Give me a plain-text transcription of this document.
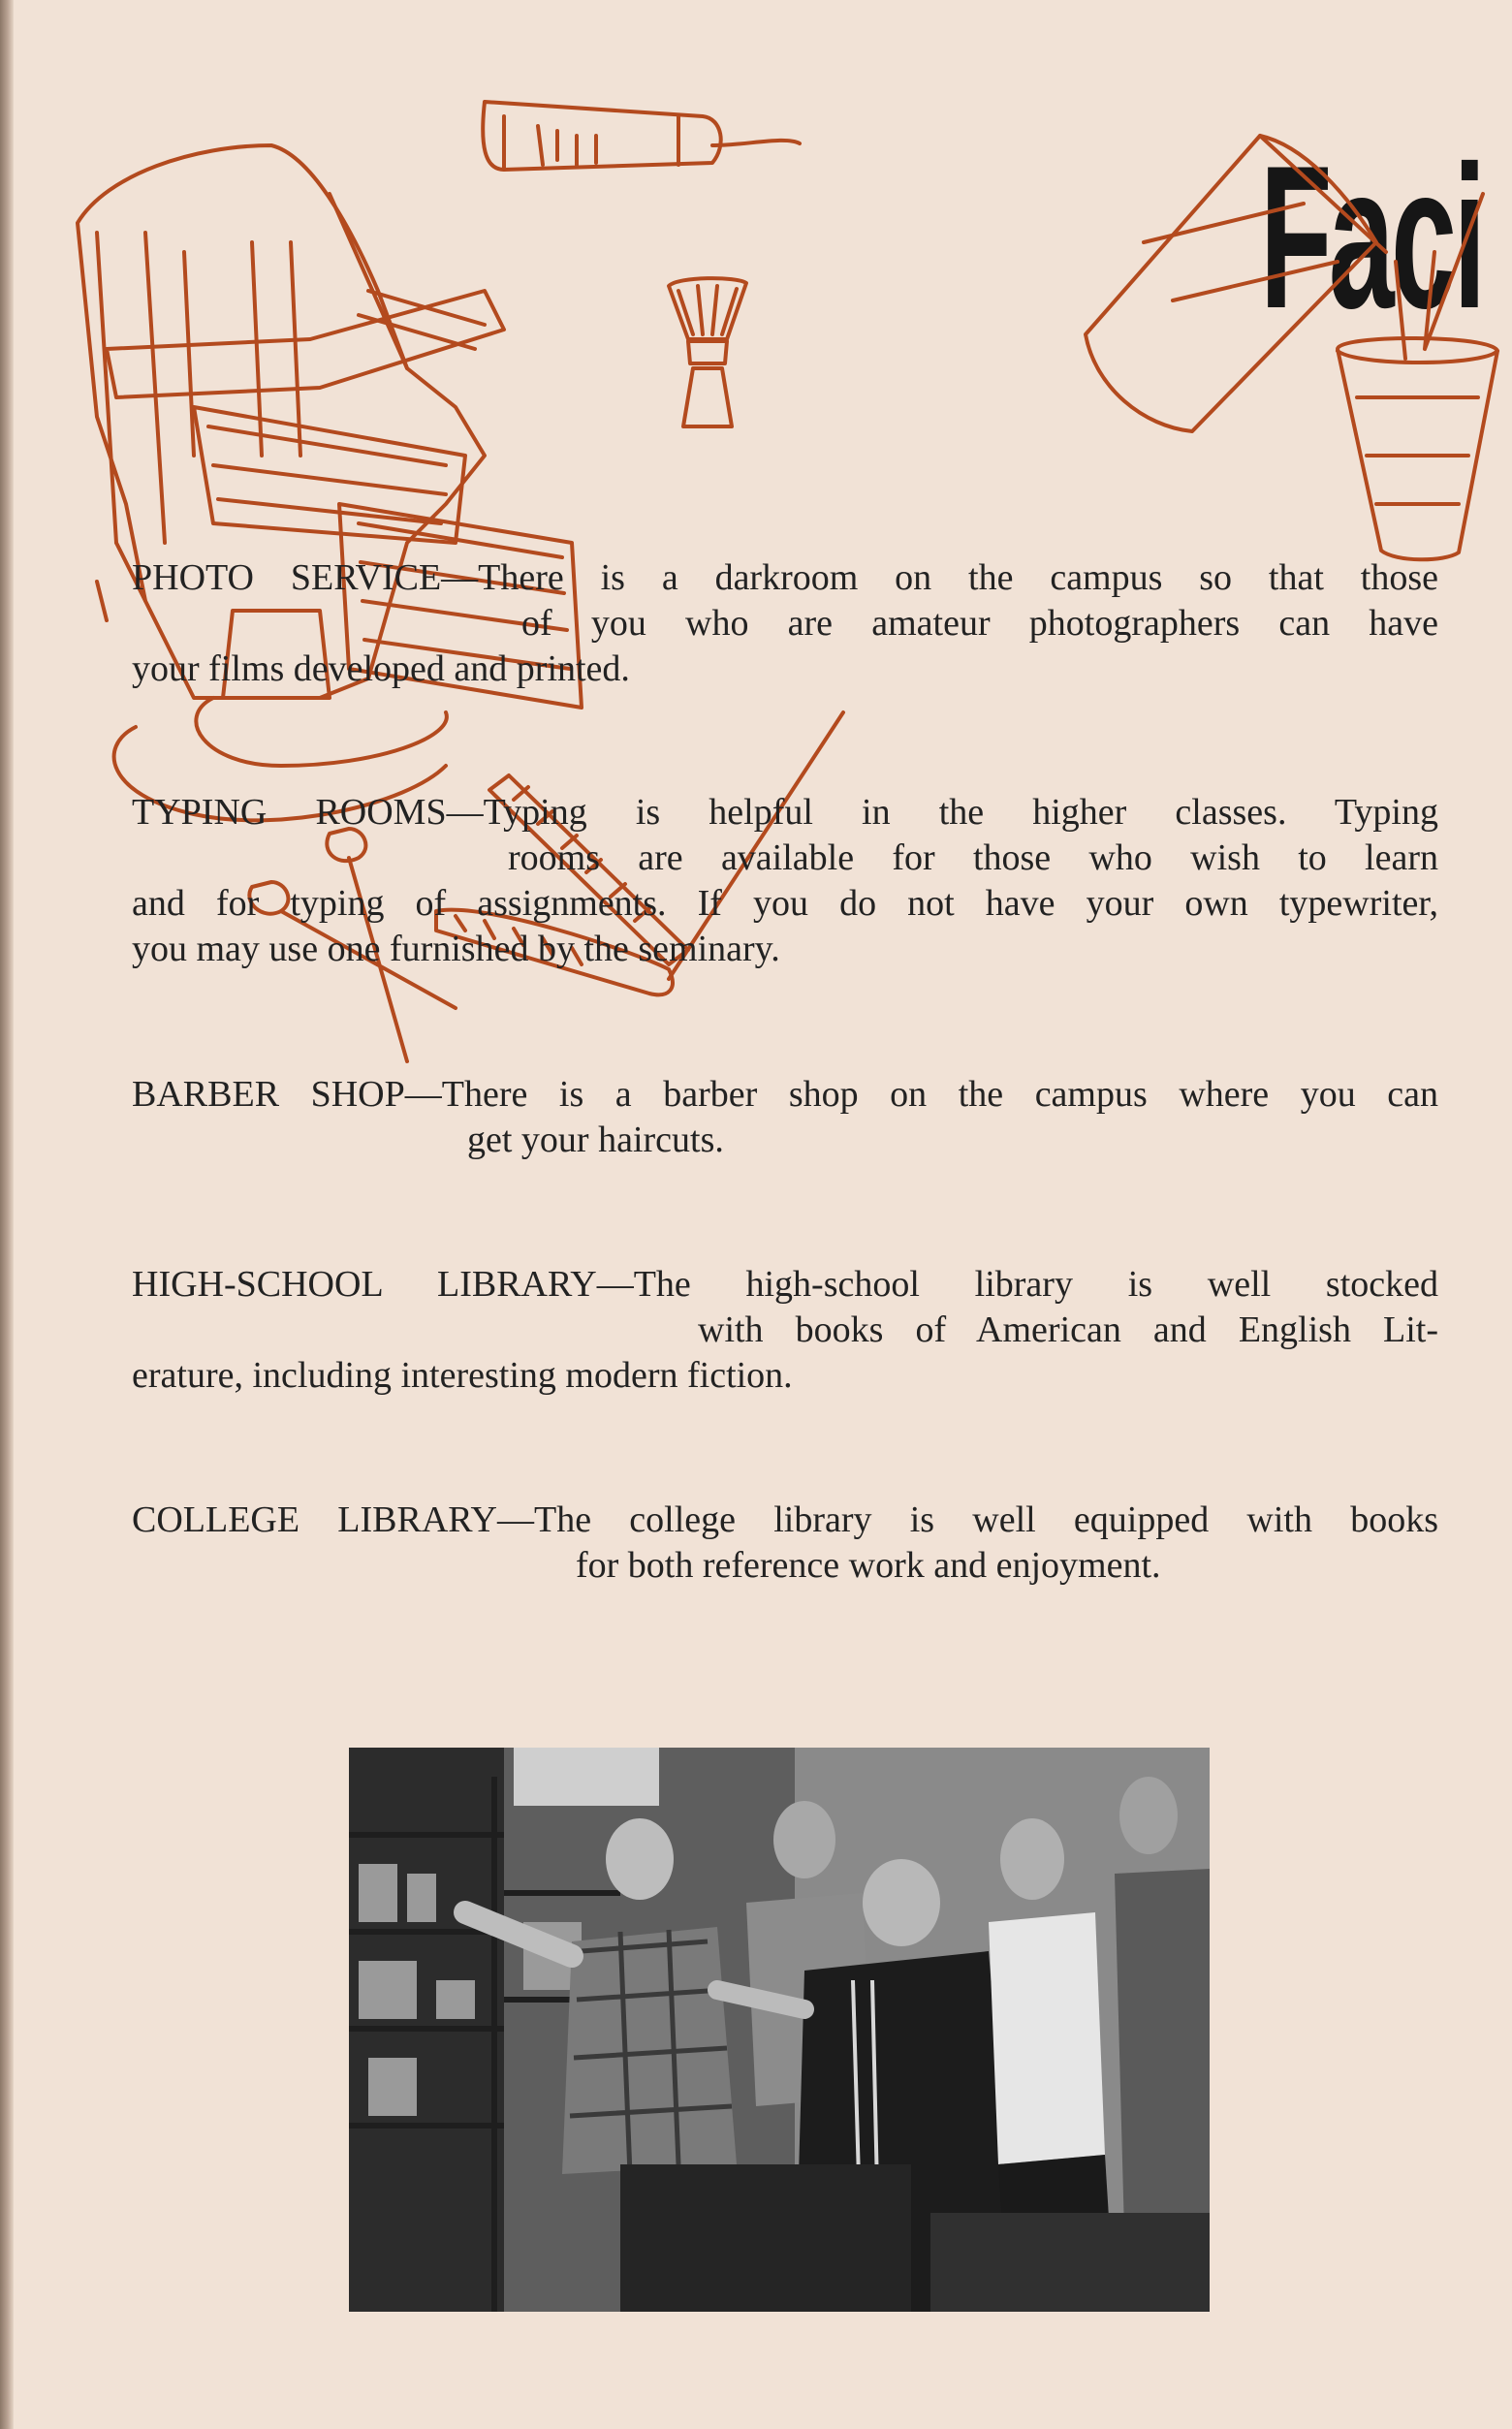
Faci
PHOTO SERVICE—There is a darkroom on the campus so that those
of you who are amateur photographers can have
your films developed and printed.
TYPING ROOMS—Typing is helpful in the higher classes. Typing
rooms are available for those who wish to learn
and for typing of assignments. If you do not have your own typewriter,
you may use one furnished by the seminary.
BARBER SHOP—There is a barber shop on the campus where you can
get your haircuts.
HIGH-SCHOOL LIBRARY—The high-school library is well stocked
with books of American and English Lit-
erature, including interesting modern fiction.
COLLEGE LIBRARY—The college library is well equipped with books
for both reference work and enjoyment.
